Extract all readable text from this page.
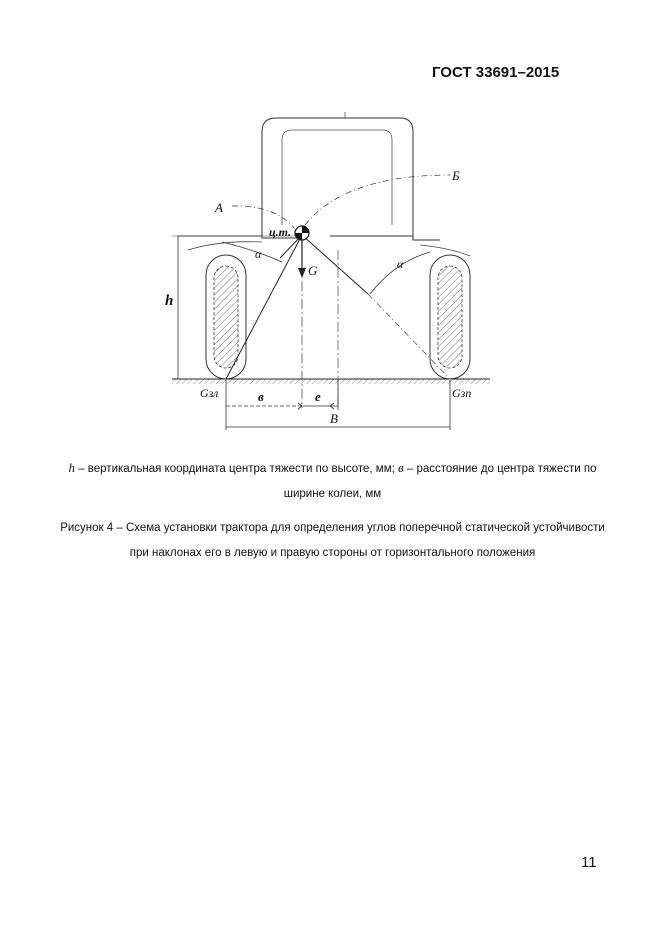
ГОСТ 33691–2015
А
Б
ц.т.
G
h
α
α
Gзл	Gзп
в	е
B
h – вертикальная координата центра тяжести по высоте, мм; в – расстояние до центра тяжести по ширине колеи, мм
Рисунок 4 – Схема установки трактора для определения углов поперечной статической устойчивости при наклонах его в левую и правую стороны от горизонтального положения
11
